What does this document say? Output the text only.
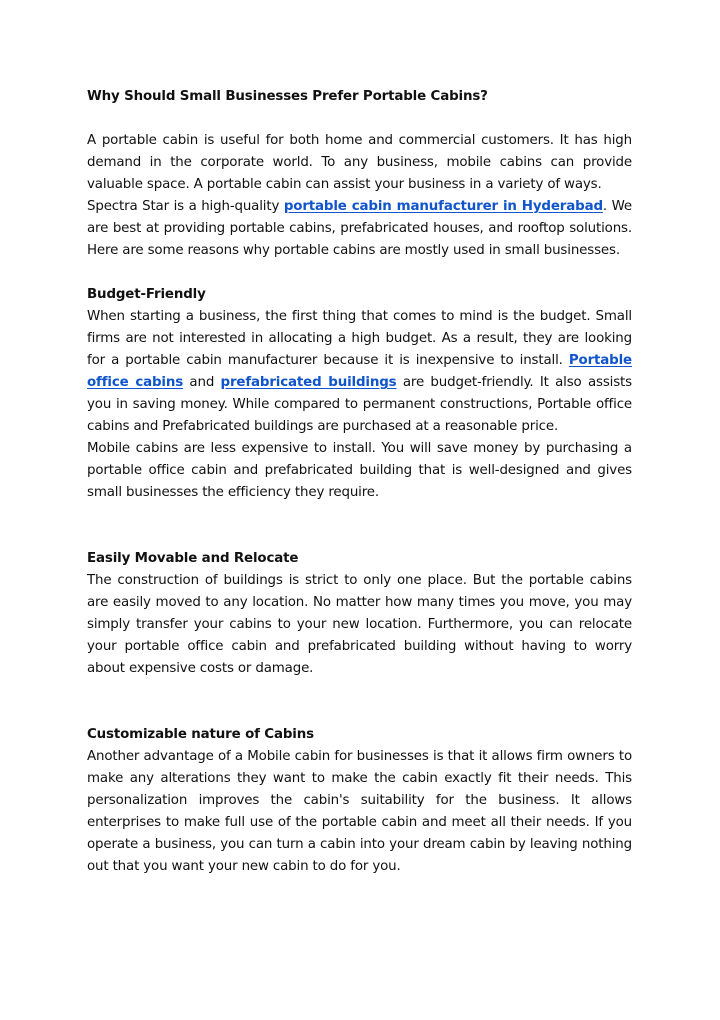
Why Should Small Businesses Prefer Portable Cabins?

A portable cabin is useful for both home and commercial customers. It has high demand in the corporate world. To any business, mobile cabins can provide valuable space. A portable cabin can assist your business in a variety of ways.

Spectra Star is a high-quality portable cabin manufacturer in Hyderabad. We are best at providing portable cabins, prefabricated houses, and rooftop solutions. Here are some reasons why portable cabins are mostly used in small businesses.

Budget-Friendly

When starting a business, the first thing that comes to mind is the budget. Small firms are not interested in allocating a high budget. As a result, they are looking for a portable cabin manufacturer because it is inexpensive to install. Portable office cabins and prefabricated buildings are budget-friendly. It also assists you in saving money. While compared to permanent constructions, Portable office cabins and Prefabricated buildings are purchased at a reasonable price.

Mobile cabins are less expensive to install. You will save money by purchasing a portable office cabin and prefabricated building that is well-designed and gives small businesses the efficiency they require.

Easily Movable and Relocate

The construction of buildings is strict to only one place. But the portable cabins are easily moved to any location. No matter how many times you move, you may simply transfer your cabins to your new location. Furthermore, you can relocate your portable office cabin and prefabricated building without having to worry about expensive costs or damage.

Customizable nature of Cabins

Another advantage of a Mobile cabin for businesses is that it allows firm owners to make any alterations they want to make the cabin exactly fit their needs. This personalization improves the cabin's suitability for the business. It allows enterprises to make full use of the portable cabin and meet all their needs. If you operate a business, you can turn a cabin into your dream cabin by leaving nothing out that you want your new cabin to do for you.
